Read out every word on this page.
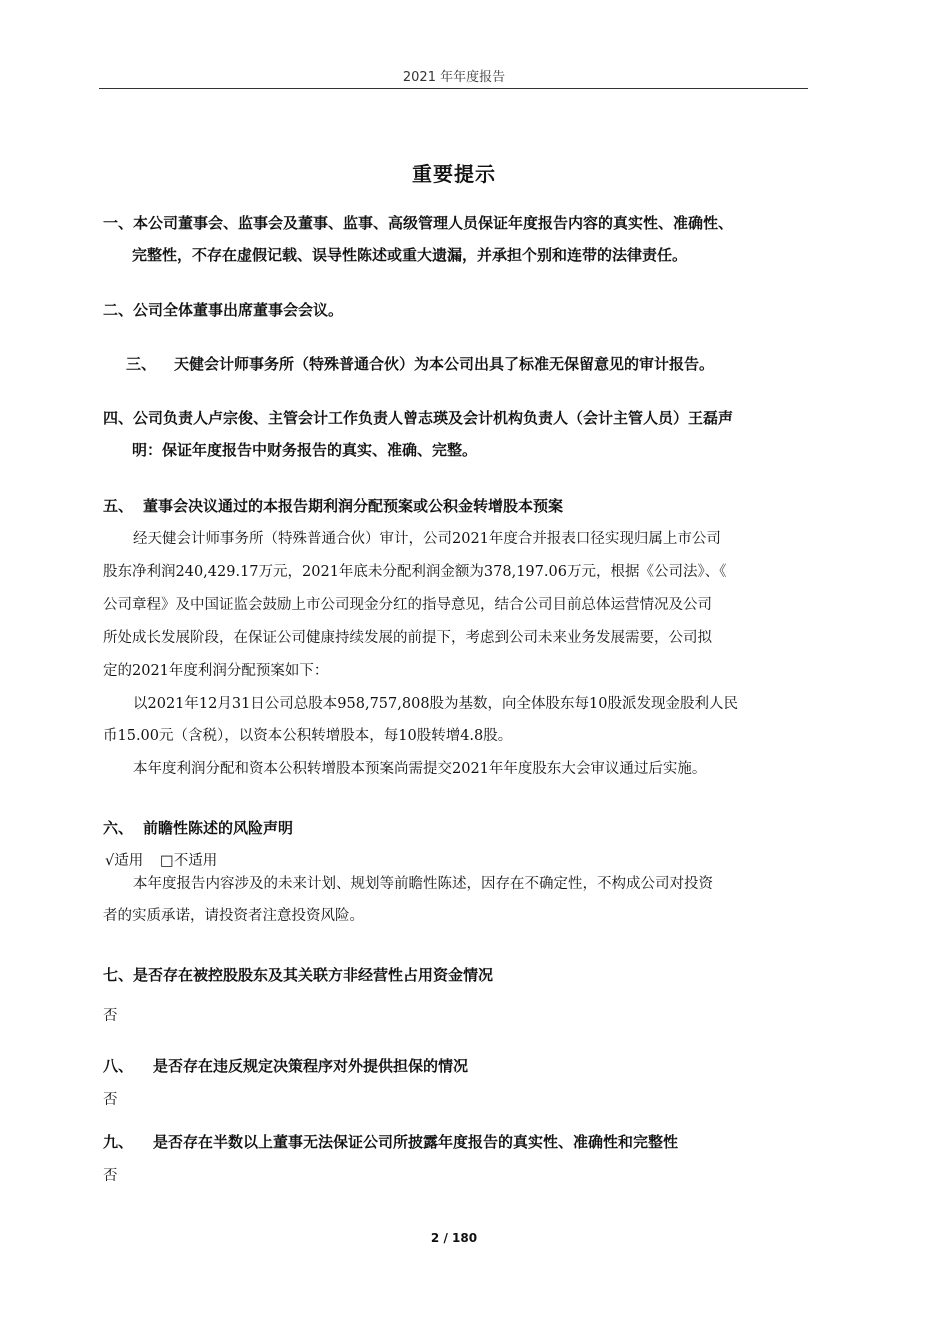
2021 年年度报告
重要提示
一、本公司董事会、监事会及董事、监事、高级管理人员保证年度报告内容的真实性、准确性、
完整性，不存在虚假记载、误导性陈述或重大遗漏，并承担个别和连带的法律责任。
二、公司全体董事出席董事会会议。
三、 天健会计师事务所（特殊普通合伙）为本公司出具了标准无保留意见的审计报告。
四、公司负责人卢宗俊、主管会计工作负责人曾志瑛及会计机构负责人（会计主管人员）王磊声
明：保证年度报告中财务报告的真实、准确、完整。
五、 董事会决议通过的本报告期利润分配预案或公积金转增股本预案
经天健会计师事务所（特殊普通合伙）审计，公司2021年度合并报表口径实现归属上市公司
股东净利润240,429.17万元，2021年底未分配利润金额为378,197.06万元，根据《公司法》、《
公司章程》及中国证监会鼓励上市公司现金分红的指导意见，结合公司目前总体运营情况及公司
所处成长发展阶段，在保证公司健康持续发展的前提下，考虑到公司未来业务发展需要，公司拟
定的2021年度利润分配预案如下：
以2021年12月31日公司总股本958,757,808股为基数，向全体股东每10股派发现金股利人民
币15.00元（含税），以资本公积转增股本，每10股转增4.8股。
本年度利润分配和资本公积转增股本预案尚需提交2021年年度股东大会审议通过后实施。
六、 前瞻性陈述的风险声明
√适用 □不适用
本年度报告内容涉及的未来计划、规划等前瞻性陈述，因存在不确定性，不构成公司对投资
者的实质承诺，请投资者注意投资风险。
七、是否存在被控股股东及其关联方非经营性占用资金情况
否
八、 是否存在违反规定决策程序对外提供担保的情况
否
九、 是否存在半数以上董事无法保证公司所披露年度报告的真实性、准确性和完整性
否
2 / 180
